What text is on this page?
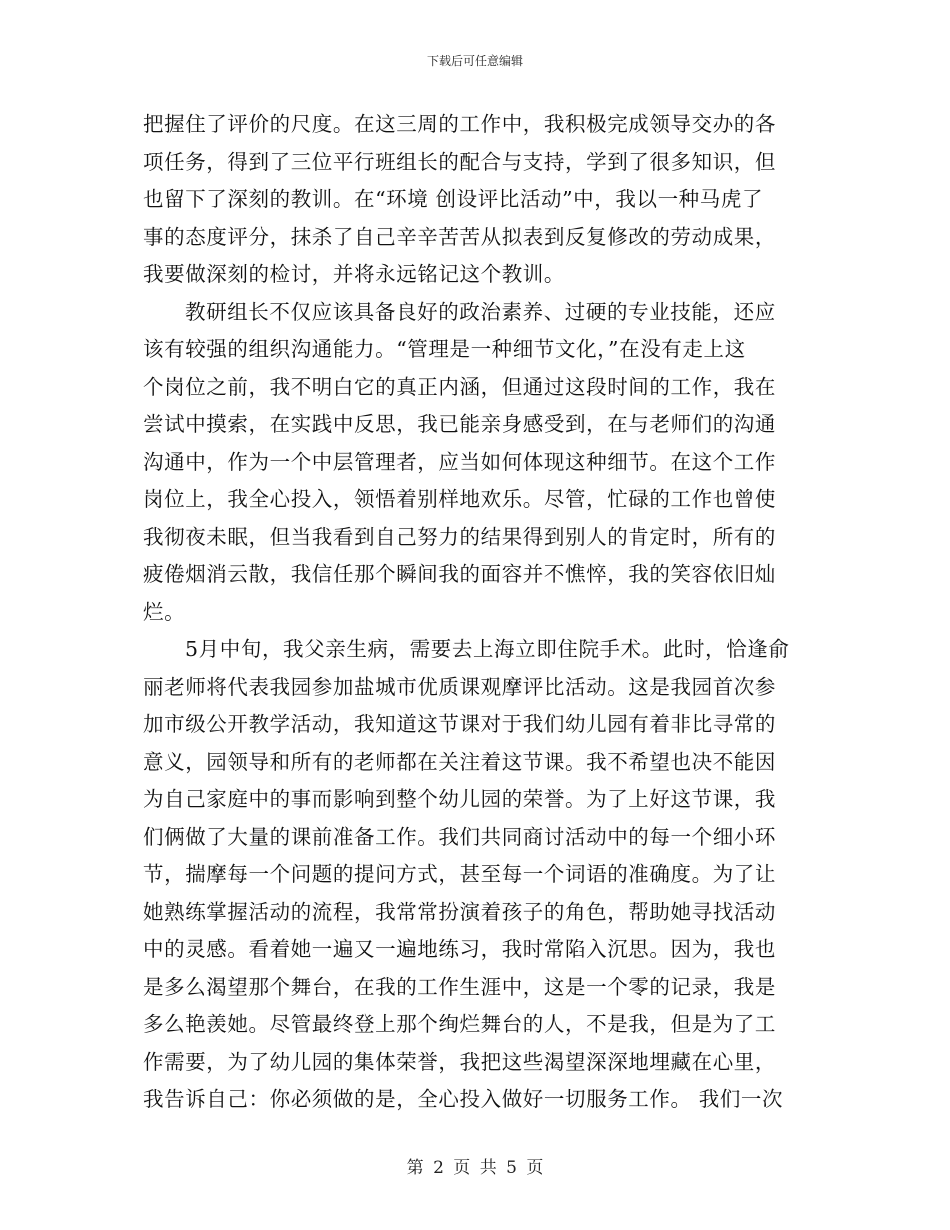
下载后可任意编辑
把握住了评价的尺度。在这三周的工作中，我积极完成领导交办的各
项任务，得到了三位平行班组长的配合与支持，学到了很多知识，但
也留下了深刻的教训。在“环境 创设评比活动”中，我以一种马虎了
事的态度评分，抹杀了自己辛辛苦苦从拟表到反复修改的劳动成果，
我要做深刻的检讨，并将永远铭记这个教训。
教研组长不仅应该具备良好的政治素养、过硬的专业技能，还应
该有较强的组织沟通能力。“管理是一种细节文化，”在没有走上这
个岗位之前，我不明白它的真正内涵，但通过这段时间的工作，我在
尝试中摸索，在实践中反思，我已能亲身感受到，在与老师们的沟通
沟通中，作为一个中层管理者，应当如何体现这种细节。在这个工作
岗位上，我全心投入，领悟着别样地欢乐。尽管，忙碌的工作也曾使
我彻夜未眠，但当我看到自己努力的结果得到别人的肯定时，所有的
疲倦烟消云散，我信任那个瞬间我的面容并不憔悴，我的笑容依旧灿
烂。
5月中旬，我父亲生病，需要去上海立即住院手术。此时，恰逢俞
丽老师将代表我园参加盐城市优质课观摩评比活动。这是我园首次参
加市级公开教学活动，我知道这节课对于我们幼儿园有着非比寻常的
意义，园领导和所有的老师都在关注着这节课。我不希望也决不能因
为自己家庭中的事而影响到整个幼儿园的荣誉。为了上好这节课，我
们俩做了大量的课前准备工作。我们共同商讨活动中的每一个细小环
节，揣摩每一个问题的提问方式，甚至每一个词语的准确度。为了让
她熟练掌握活动的流程，我常常扮演着孩子的角色，帮助她寻找活动
中的灵感。看着她一遍又一遍地练习，我时常陷入沉思。因为，我也
是多么渴望那个舞台，在我的工作生涯中，这是一个零的记录，我是
多么艳羡她。尽管最终登上那个绚烂舞台的人，不是我，但是为了工
作需要，为了幼儿园的集体荣誉，我把这些渴望深深地埋藏在心里，
我告诉自己：你必须做的是，全心投入做好一切服务工作。 我们一次
第 2 页 共 5 页
